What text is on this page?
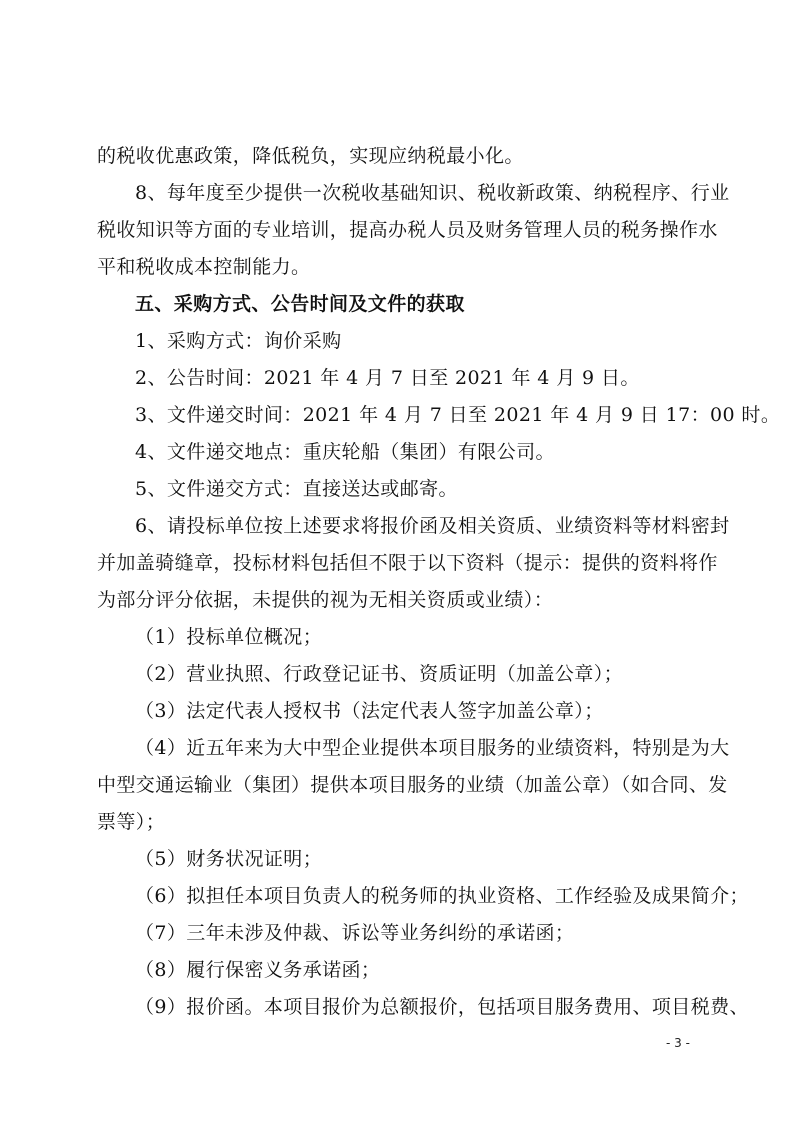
的税收优惠政策，降低税负，实现应纳税最小化。
8、每年度至少提供一次税收基础知识、税收新政策、纳税程序、行业
税收知识等方面的专业培训，提高办税人员及财务管理人员的税务操作水
平和税收成本控制能力。
五、采购方式、公告时间及文件的获取
1、采购方式：询价采购
2、公告时间：2021 年 4 月 7 日至 2021 年 4 月 9 日。
3、文件递交时间：2021 年 4 月 7 日至 2021 年 4 月 9 日 17：00 时。
4、文件递交地点：重庆轮船（集团）有限公司。
5、文件递交方式：直接送达或邮寄。
6、请投标单位按上述要求将报价函及相关资质、业绩资料等材料密封
并加盖骑缝章，投标材料包括但不限于以下资料（提示：提供的资料将作
为部分评分依据，未提供的视为无相关资质或业绩）：
（1）投标单位概况；
（2）营业执照、行政登记证书、资质证明（加盖公章）；
（3）法定代表人授权书（法定代表人签字加盖公章）；
（4）近五年来为大中型企业提供本项目服务的业绩资料，特别是为大
中型交通运输业（集团）提供本项目服务的业绩（加盖公章）（如合同、发
票等）；
（5）财务状况证明；
（6）拟担任本项目负责人的税务师的执业资格、工作经验及成果简介；
（7）三年未涉及仲裁、诉讼等业务纠纷的承诺函；
（8）履行保密义务承诺函；
（9）报价函。本项目报价为总额报价，包括项目服务费用、项目税费、
- 3 -
